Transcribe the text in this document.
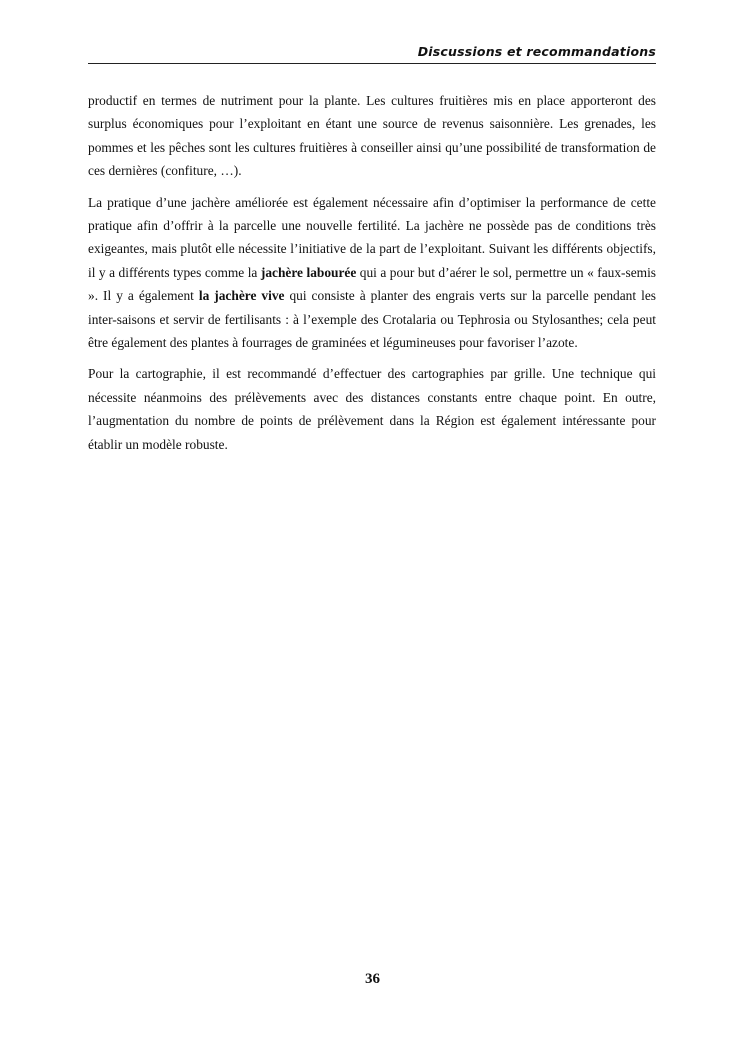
Discussions et recommandations

productif en termes de nutriment pour la plante. Les cultures fruitières mis en place apporteront des surplus économiques pour l’exploitant en étant une source de revenus saisonnière. Les grenades, les pommes et les pêches sont les cultures fruitières à conseiller ainsi qu’une possibilité de transformation de ces dernières (confiture, …).

La pratique d’une jachère améliorée est également nécessaire afin d’optimiser la performance de cette pratique afin d’offrir à la parcelle une nouvelle fertilité. La jachère ne possède pas de conditions très exigeantes, mais plutôt elle nécessite l’initiative de la part de l’exploitant. Suivant les différents objectifs, il y a différents types comme la jachère labourée qui a pour but d’aérer le sol, permettre un « faux-semis ». Il y a également la jachère vive qui consiste à planter des engrais verts sur la parcelle pendant les inter-saisons et servir de fertilisants : à l’exemple des Crotalaria ou Tephrosia ou Stylosanthes; cela peut être également des plantes à fourrages de graminées et légumineuses pour favoriser l’azote.

Pour la cartographie, il est recommandé d’effectuer des cartographies par grille. Une technique qui nécessite néanmoins des prélèvements avec des distances constants entre chaque point. En outre, l’augmentation du nombre de points de prélèvement dans la Région est également intéressante pour établir un modèle robuste.

36
